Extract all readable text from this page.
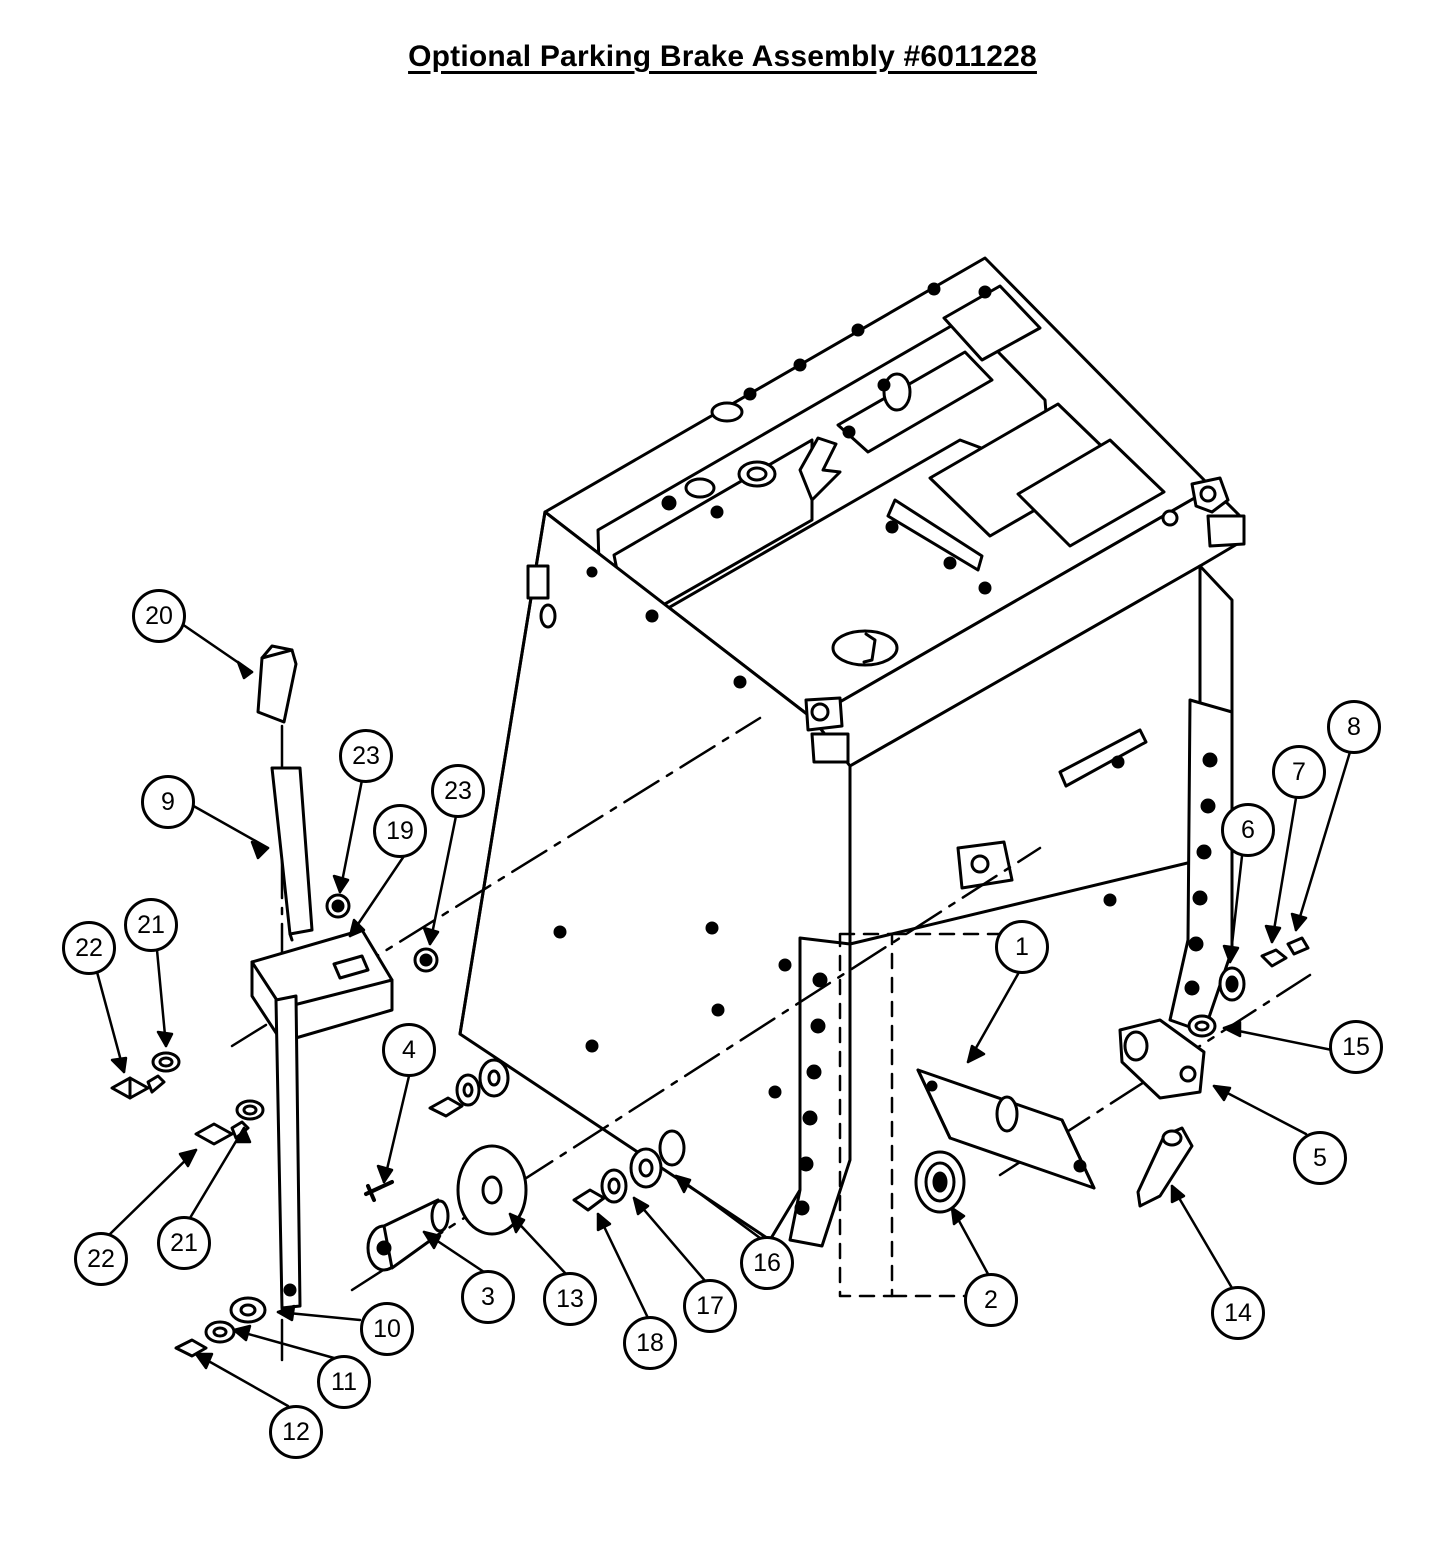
Optional Parking Brake Assembly #6011228
1
2
3
4
5
6
7
8
9
10
11
12
13	14
15
16
17
18
19
20
21
21
22
22
23
23
